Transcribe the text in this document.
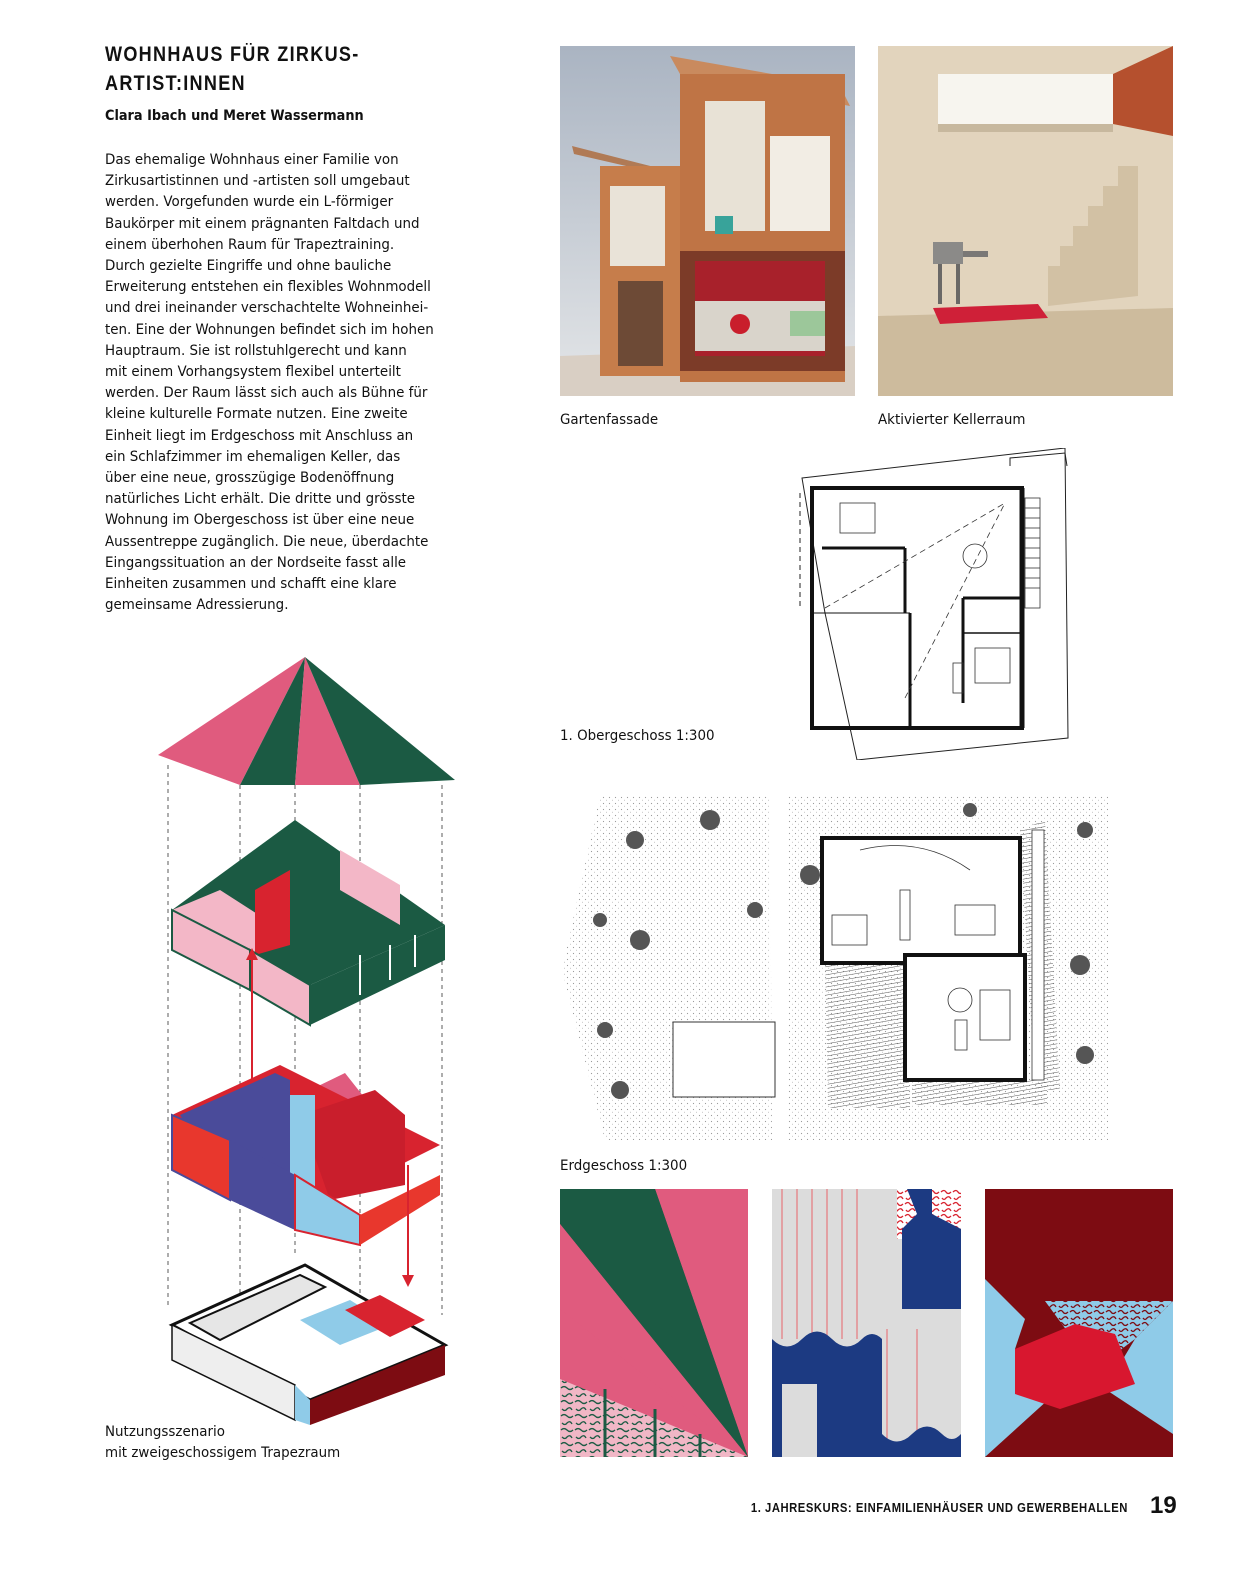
WOHNHAUS FÜR ZIRKUS-
ARTIST:INNEN
Clara Ibach und Meret Wassermann
Das ehemalige Wohnhaus einer Familie von
Zirkusartistinnen und -artisten soll umgebaut
werden. Vorgefunden wurde ein L-förmiger
Baukörper mit einem prägnanten Faltdach und
einem überhohen Raum für Trapeztraining.
Durch gezielte Eingriffe und ohne bauliche
Erweiterung entstehen ein flexibles Wohnmodell
und drei ineinander verschachtelte Wohneinhei-
ten. Eine der Wohnungen befindet sich im hohen
Hauptraum. Sie ist rollstuhlgerecht und kann
mit einem Vorhangsystem flexibel unterteilt
werden. Der Raum lässt sich auch als Bühne für
kleine kulturelle Formate nutzen. Eine zweite
Einheit liegt im Erdgeschoss mit Anschluss an
ein Schlafzimmer im ehemaligen Keller, das
über eine neue, grosszügige Bodenöffnung
natürliches Licht erhält. Die dritte und grösste
Wohnung im Obergeschoss ist über eine neue
Aussentreppe zugänglich. Die neue, überdachte
Eingangssituation an der Nordseite fasst alle
Einheiten zusammen und schafft eine klare
gemeinsame Adressierung.
Gartenfassade	Aktivierter Kellerraum
1. Obergeschoss 1:300
Erdgeschoss 1:300
Nutzungsszenario
mit zweigeschossigem Trapezraum
1. JAHRESKURS: EINFAMILIENHÄUSER UND GEWERBEHALLEN 19
